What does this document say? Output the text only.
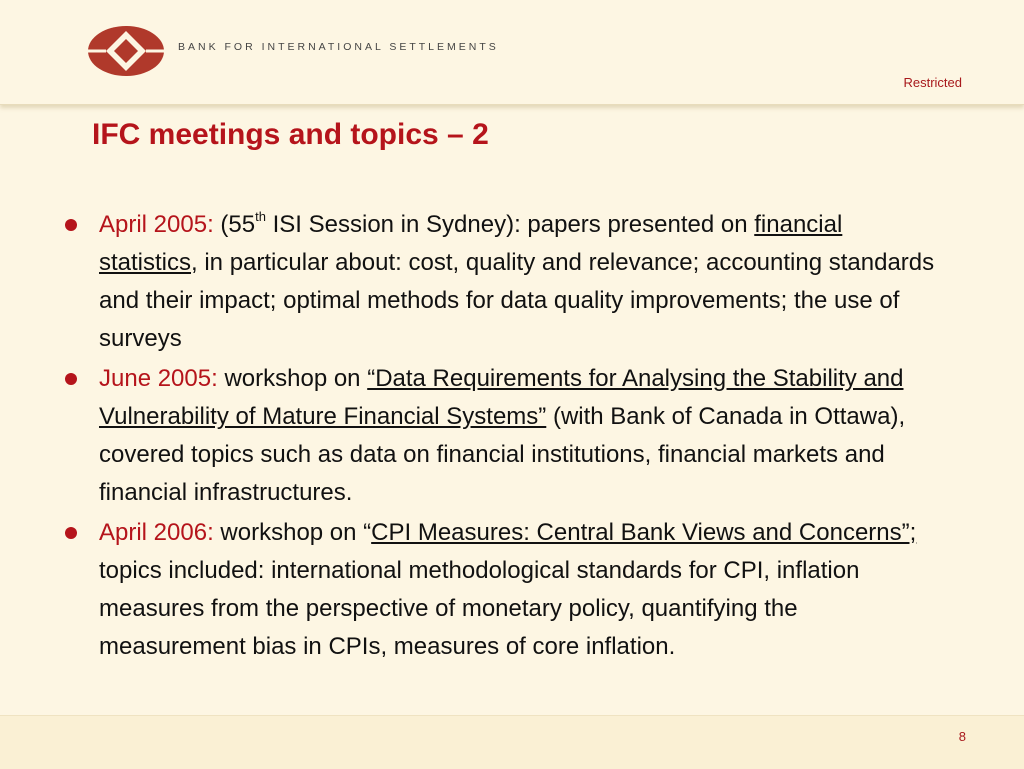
BANK FOR INTERNATIONAL SETTLEMENTS
Restricted
IFC meetings and topics – 2
April 2005: (55th ISI Session in Sydney): papers presented on financial statistics, in particular about: cost, quality and relevance; accounting standards and their impact; optimal methods for data quality improvements; the use of surveys
June 2005: workshop on “Data Requirements for Analysing the Stability and Vulnerability of Mature Financial Systems” (with Bank of Canada in Ottawa), covered topics such as data on financial institutions, financial markets and financial infrastructures.
April 2006: workshop on “CPI Measures: Central Bank Views and Concerns”; topics included: international methodological standards for CPI, inflation measures from the perspective of monetary policy, quantifying the measurement bias in CPIs, measures of core inflation.
8
